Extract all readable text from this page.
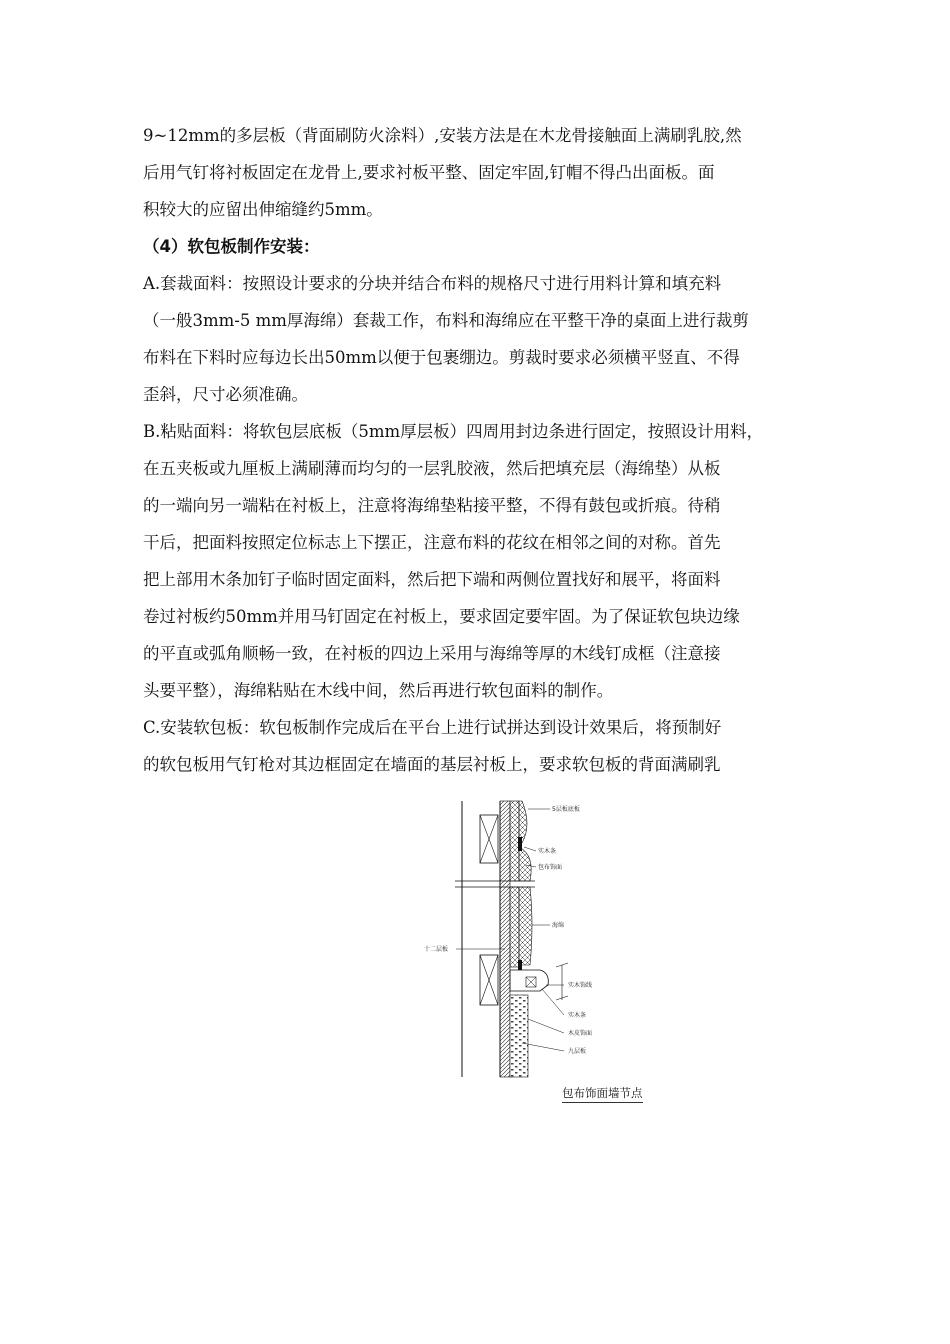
9~12mm的多层板（背面刷防火涂料）,安装方法是在木龙骨接触面上满刷乳胶,然
后用气钉将衬板固定在龙骨上,要求衬板平整、固定牢固,钉帽不得凸出面板。面
积较大的应留出伸缩缝约5mm。
（4）软包板制作安装：
A.套裁面料：按照设计要求的分块并结合布料的规格尺寸进行用料计算和填充料
（一般3mm-5 mm厚海绵）套裁工作，布料和海绵应在平整干净的桌面上进行裁剪
布料在下料时应每边长出50mm以便于包裹绷边。剪裁时要求必须横平竖直、不得
歪斜，尺寸必须准确。
B.粘贴面料：将软包层底板（5mm厚层板）四周用封边条进行固定，按照设计用料，
在五夹板或九厘板上满刷薄而均匀的一层乳胶液，然后把填充层（海绵垫）从板
的一端向另一端粘在衬板上，注意将海绵垫粘接平整，不得有鼓包或折痕。待稍
干后，把面料按照定位标志上下摆正，注意布料的花纹在相邻之间的对称。首先
把上部用木条加钉子临时固定面料，然后把下端和两侧位置找好和展平，将面料
卷过衬板约50mm并用马钉固定在衬板上，要求固定要牢固。为了保证软包块边缘
的平直或弧角顺畅一致，在衬板的四边上采用与海绵等厚的木线钉成框（注意接
头要平整），海绵粘贴在木线中间，然后再进行软包面料的制作。
C.安装软包板：软包板制作完成后在平台上进行试拼达到设计效果后，将预制好
的软包板用气钉枪对其边框固定在墙面的基层衬板上，要求软包板的背面满刷乳
5层板底板
实木条
包布饰面
海绵
十二层板
实木饰线
实木条
木皮饰面
九层板
包布饰面墙节点
